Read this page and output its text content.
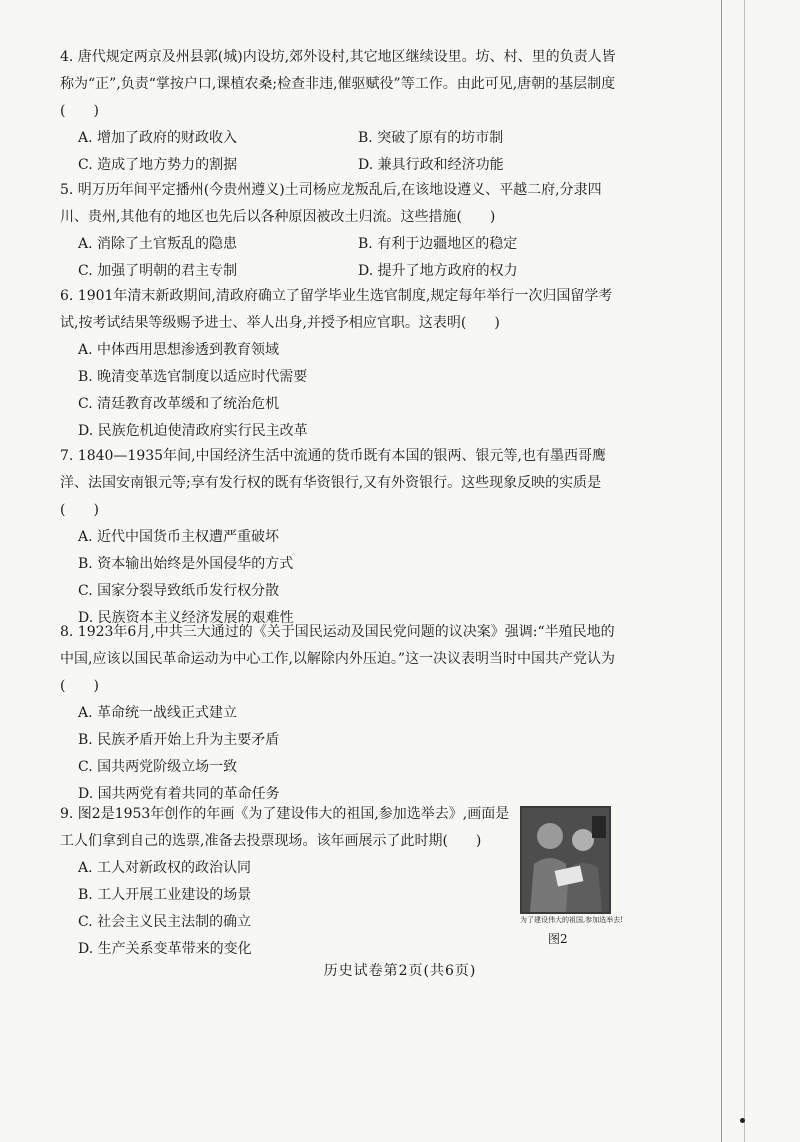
4. 唐代规定两京及州县郭(城)内设坊,郊外设村,其它地区继续设里。坊、村、里的负责人皆称为“正”,负责“掌按户口,课植农桑;检查非违,催驱赋役”等工作。由此可见,唐朝的基层制度(　　)

A. 增加了政府的财政收入	B. 突破了原有的坊市制

C. 造成了地方势力的割据	D. 兼具行政和经济功能

5. 明万历年间平定播州(今贵州遵义)土司杨应龙叛乱后,在该地设遵义、平越二府,分隶四川、贵州,其他有的地区也先后以各种原因被改土归流。这些措施(　　)

A. 消除了土官叛乱的隐患	B. 有利于边疆地区的稳定

C. 加强了明朝的君主专制	D. 提升了地方政府的权力

6. 1901年清末新政期间,清政府确立了留学毕业生选官制度,规定每年举行一次归国留学考试,按考试结果等级赐予进士、举人出身,并授予相应官职。这表明(　　)

A. 中体西用思想渗透到教育领域

B. 晚清变革选官制度以适应时代需要

C. 清廷教育改革缓和了统治危机

D. 民族危机迫使清政府实行民主改革

7. 1840—1935年间,中国经济生活中流通的货币既有本国的银两、银元等,也有墨西哥鹰洋、法国安南银元等;享有发行权的既有华资银行,又有外资银行。这些现象反映的实质是(　　)

A. 近代中国货币主权遭严重破坏

B. 资本输出始终是外国侵华的方式

C. 国家分裂导致纸币发行权分散

D. 民族资本主义经济发展的艰难性

8. 1923年6月,中共三大通过的《关于国民运动及国民党问题的议决案》强调:“半殖民地的中国,应该以国民革命运动为中心工作,以解除内外压迫。”这一决议表明当时中国共产党认为(　　)

A. 革命统一战线正式建立

B. 民族矛盾开始上升为主要矛盾

C. 国共两党阶级立场一致

D. 国共两党有着共同的革命任务

9. 图2是1953年创作的年画《为了建设伟大的祖国,参加选举去》,画面是工人们拿到自己的选票,准备去投票现场。该年画展示了此时期(　　)

A. 工人对新政权的政治认同

B. 工人开展工业建设的场景

C. 社会主义民主法制的确立

D. 生产关系变革带来的变化

为了建设伟大的祖国,参加选举去!
图2
历史试卷第2页(共6页)
